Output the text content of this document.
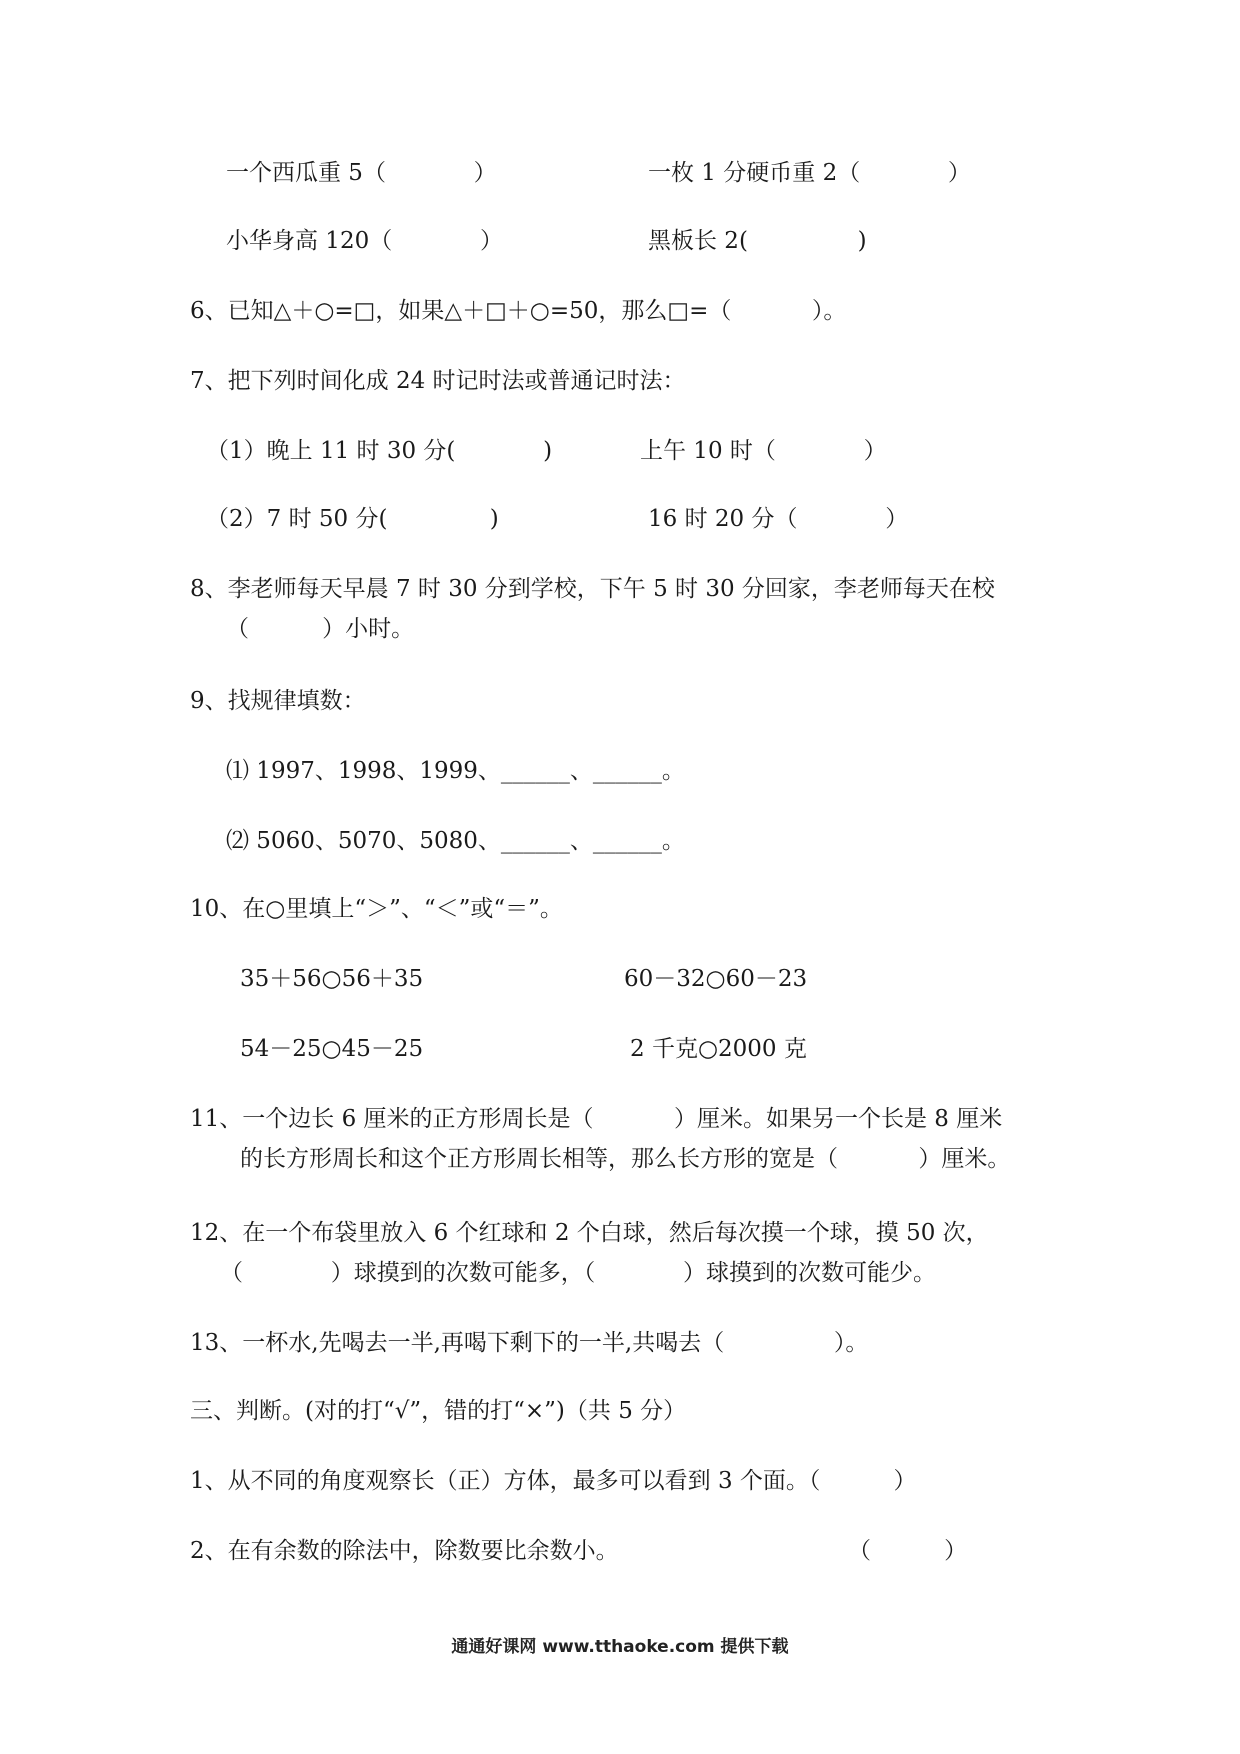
一个西瓜重 5（            ）	一枚 1 分硬币重 2（            ）
小华身高 120（            ）	黑板长 2(               )
6、已知△＋○=□，如果△＋□＋○=50，那么□=（           ）。
7、把下列时间化成 24 时记时法或普通记时法：
（1）晚上 11 时 30 分(            )	上午 10 时（            ）
（2）7 时 50 分(              )	16 时 20 分（            ）
8、李老师每天早晨 7 时 30 分到学校，下午 5 时 30 分回家，李老师每天在校
（          ）小时。
9、找规律填数：
⑴ 1997、1998、1999、______、______。
⑵ 5060、5070、5080、______、______。
10、在○里填上“＞”、“＜”或“＝”。
35＋56○56＋35	60－32○60－23
54－25○45－25	2 千克○2000 克
11、一个边长 6 厘米的正方形周长是（           ）厘米。如果另一个长是 8 厘米
的长方形周长和这个正方形周长相等，那么长方形的宽是（           ）厘米。
12、在一个布袋里放入 6 个红球和 2 个白球，然后每次摸一个球，摸 50 次，
（            ）球摸到的次数可能多，（            ）球摸到的次数可能少。
13、一杯水,先喝去一半,再喝下剩下的一半,共喝去（               ）。
三、判断。(对的打“√”，错的打“×”)（共 5 分）
1、从不同的角度观察长（正）方体，最多可以看到 3 个面。（          ）
2、在有余数的除法中，除数要比余数小。	（          ）
通通好课网 www.tthaoke.com 提供下载
